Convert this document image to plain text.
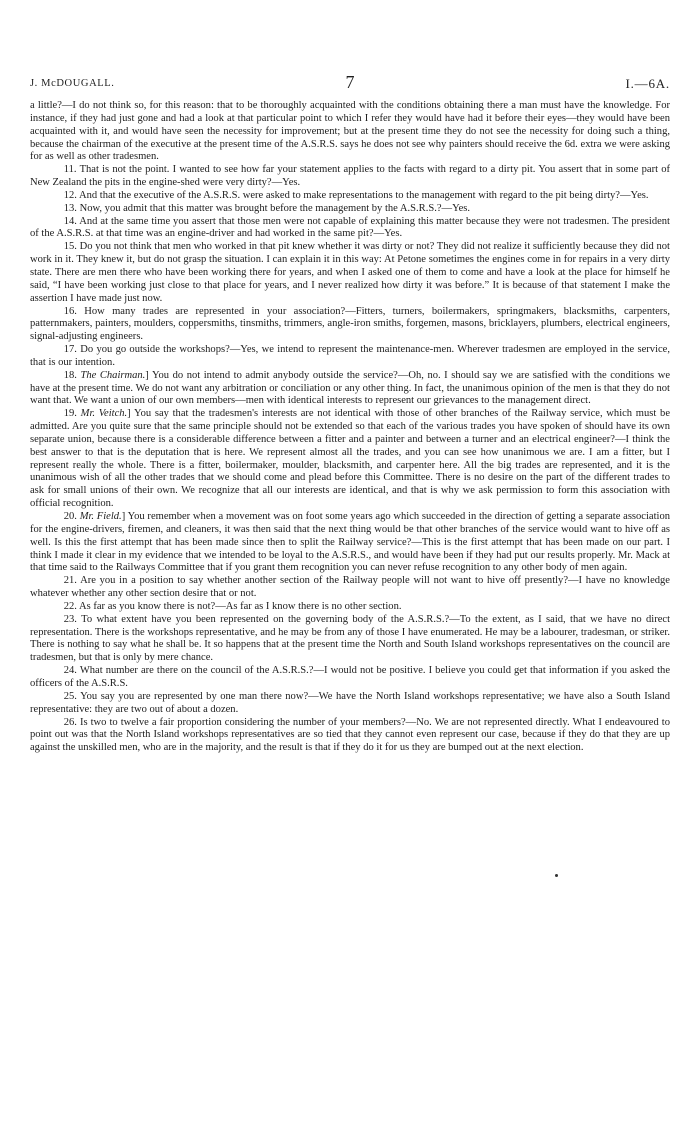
J. McDOUGALL.	7	I.—6A.

a little?—I do not think so, for this reason: that to be thoroughly acquainted with the conditions obtaining there a man must have the knowledge. For instance, if they had just gone and had a look at that particular point to which I refer they would have had it before their eyes—they would have been acquainted with it, and would have seen the necessity for improvement; but at the present time they do not see the necessity for doing such a thing, because the chairman of the executive at the present time of the A.S.R.S. says he does not see why painters should receive the 6d. extra we were asking for as well as other tradesmen.

11. That is not the point. I wanted to see how far your statement applies to the facts with regard to a dirty pit. You assert that in some part of New Zealand the pits in the engine-shed were very dirty?—Yes.

12. And that the executive of the A.S.R.S. were asked to make representations to the management with regard to the pit being dirty?—Yes.

13. Now, you admit that this matter was brought before the management by the A.S.R.S.?—Yes.

14. And at the same time you assert that those men were not capable of explaining this matter because they were not tradesmen. The president of the A.S.R.S. at that time was an engine-driver and had worked in the same pit?—Yes.

15. Do you not think that men who worked in that pit knew whether it was dirty or not? They did not realize it sufficiently because they did not work in it. They knew it, but do not grasp the situation. I can explain it in this way: At Petone sometimes the engines come in for repairs in a very dirty state. There are men there who have been working there for years, and when I asked one of them to come and have a look at the place for himself he said, “I have been working just close to that place for years, and I never realized how dirty it was before.” It is because of that statement I make the assertion I have made just now.

16. How many trades are represented in your association?—Fitters, turners, boilermakers, springmakers, blacksmiths, carpenters, patternmakers, painters, moulders, coppersmiths, tinsmiths, trimmers, angle-iron smiths, forgemen, masons, bricklayers, plumbers, electrical engineers, signal-adjusting engineers.

17. Do you go outside the workshops?—Yes, we intend to represent the maintenance-men. Wherever tradesmen are employed in the service, that is our intention.

18. The Chairman.] You do not intend to admit anybody outside the service?—Oh, no. I should say we are satisfied with the conditions we have at the present time. We do not want any arbitration or conciliation or any other thing. In fact, the unanimous opinion of the men is that they do not want that. We want a union of our own members—men with identical interests to represent our grievances to the management direct.

19. Mr. Veitch.] You say that the tradesmen's interests are not identical with those of other branches of the Railway service, which must be admitted. Are you quite sure that the same principle should not be extended so that each of the various trades you have spoken of should have its own separate union, because there is a considerable difference between a fitter and a painter and between a turner and an electrical engineer?—I think the best answer to that is the deputation that is here. We represent almost all the trades, and you can see how unanimous we are. I am a fitter, but I represent really the whole. There is a fitter, boilermaker, moulder, blacksmith, and carpenter here. All the big trades are represented, and it is the unanimous wish of all the other trades that we should come and plead before this Committee. There is no desire on the part of the different trades to ask for small unions of their own. We recognize that all our interests are identical, and that is why we ask permission to form this association with official recognition.

20. Mr. Field.] You remember when a movement was on foot some years ago which succeeded in the direction of getting a separate association for the engine-drivers, firemen, and cleaners, it was then said that the next thing would be that other branches of the service would want to hive off as well. Is this the first attempt that has been made since then to split the Railway service?—This is the first attempt that has been made on our part. I think I made it clear in my evidence that we intended to be loyal to the A.S.R.S., and would have been if they had put our results properly. Mr. Mack at that time said to the Railways Committee that if you grant them recognition you can never refuse recognition to any other body of men again.

21. Are you in a position to say whether another section of the Railway people will not want to hive off presently?—I have no knowledge whatever whether any other section desire that or not.

22. As far as you know there is not?—As far as I know there is no other section.

23. To what extent have you been represented on the governing body of the A.S.R.S.?—To the extent, as I said, that we have no direct representation. There is the workshops representative, and he may be from any of those I have enumerated. He may be a labourer, tradesman, or striker. There is nothing to say what he shall be. It so happens that at the present time the North and South Island workshops representatives on the council are tradesmen, but that is only by mere chance.

24. What number are there on the council of the A.S.R.S.?—I would not be positive. I believe you could get that information if you asked the officers of the A.S.R.S.

25. You say you are represented by one man there now?—We have the North Island workshops representative; we have also a South Island representative: they are two out of about a dozen.

26. Is two to twelve a fair proportion considering the number of your members?—No. We are not represented directly. What I endeavoured to point out was that the North Island workshops representatives are so tied that they cannot even represent our case, because if they do that they are up against the unskilled men, who are in the majority, and the result is that if they do it for us they are bumped out at the next election.
